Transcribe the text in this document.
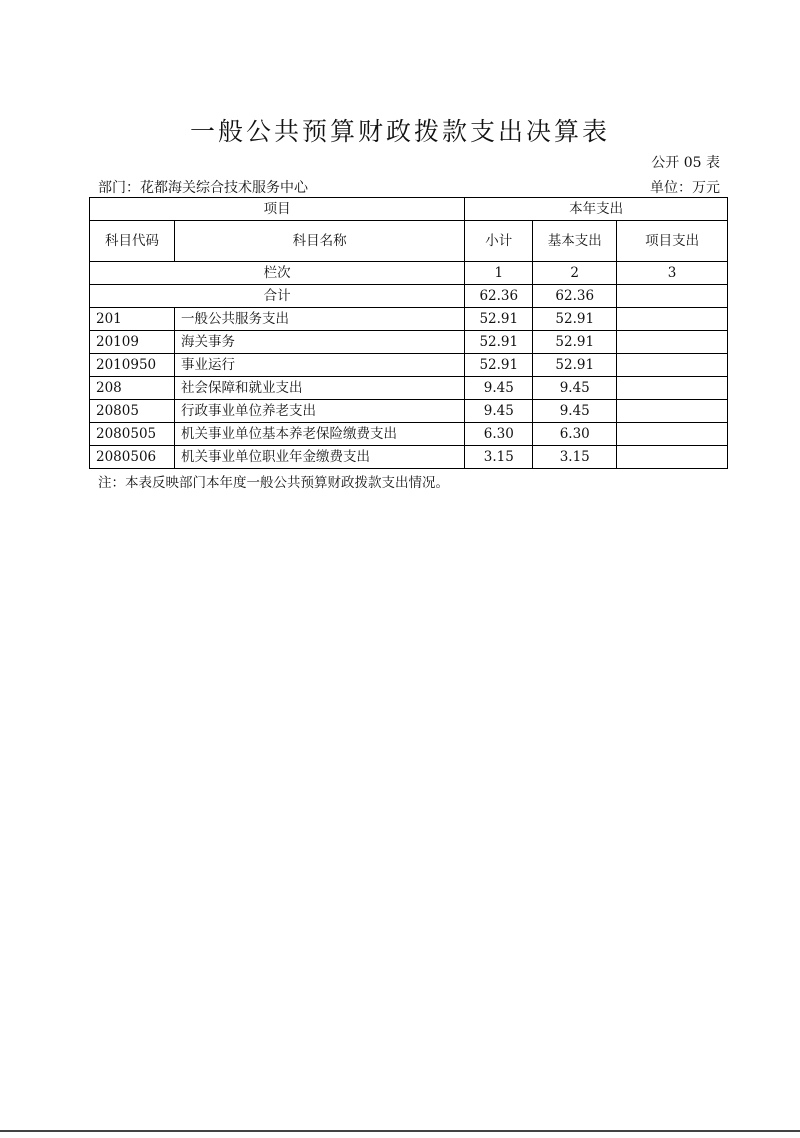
一般公共预算财政拨款支出决算表
公开 05 表
部门：花都海关综合技术服务中心	单位：万元
项目		本年支出		
科目代码	科目名称	小计	基本支出	项目支出
栏次		1	2	3
合计		62.36	62.36	
201	一般公共服务支出	52.91	52.91	
20109	海关事务	52.91	52.91	
2010950	事业运行	52.91	52.91	
208	社会保障和就业支出	9.45	9.45	
20805	行政事业单位养老支出	9.45	9.45	
2080505	机关事业单位基本养老保险缴费支出	6.30	6.30	
2080506	机关事业单位职业年金缴费支出	3.15	3.15	
注：本表反映部门本年度一般公共预算财政拨款支出情况。
